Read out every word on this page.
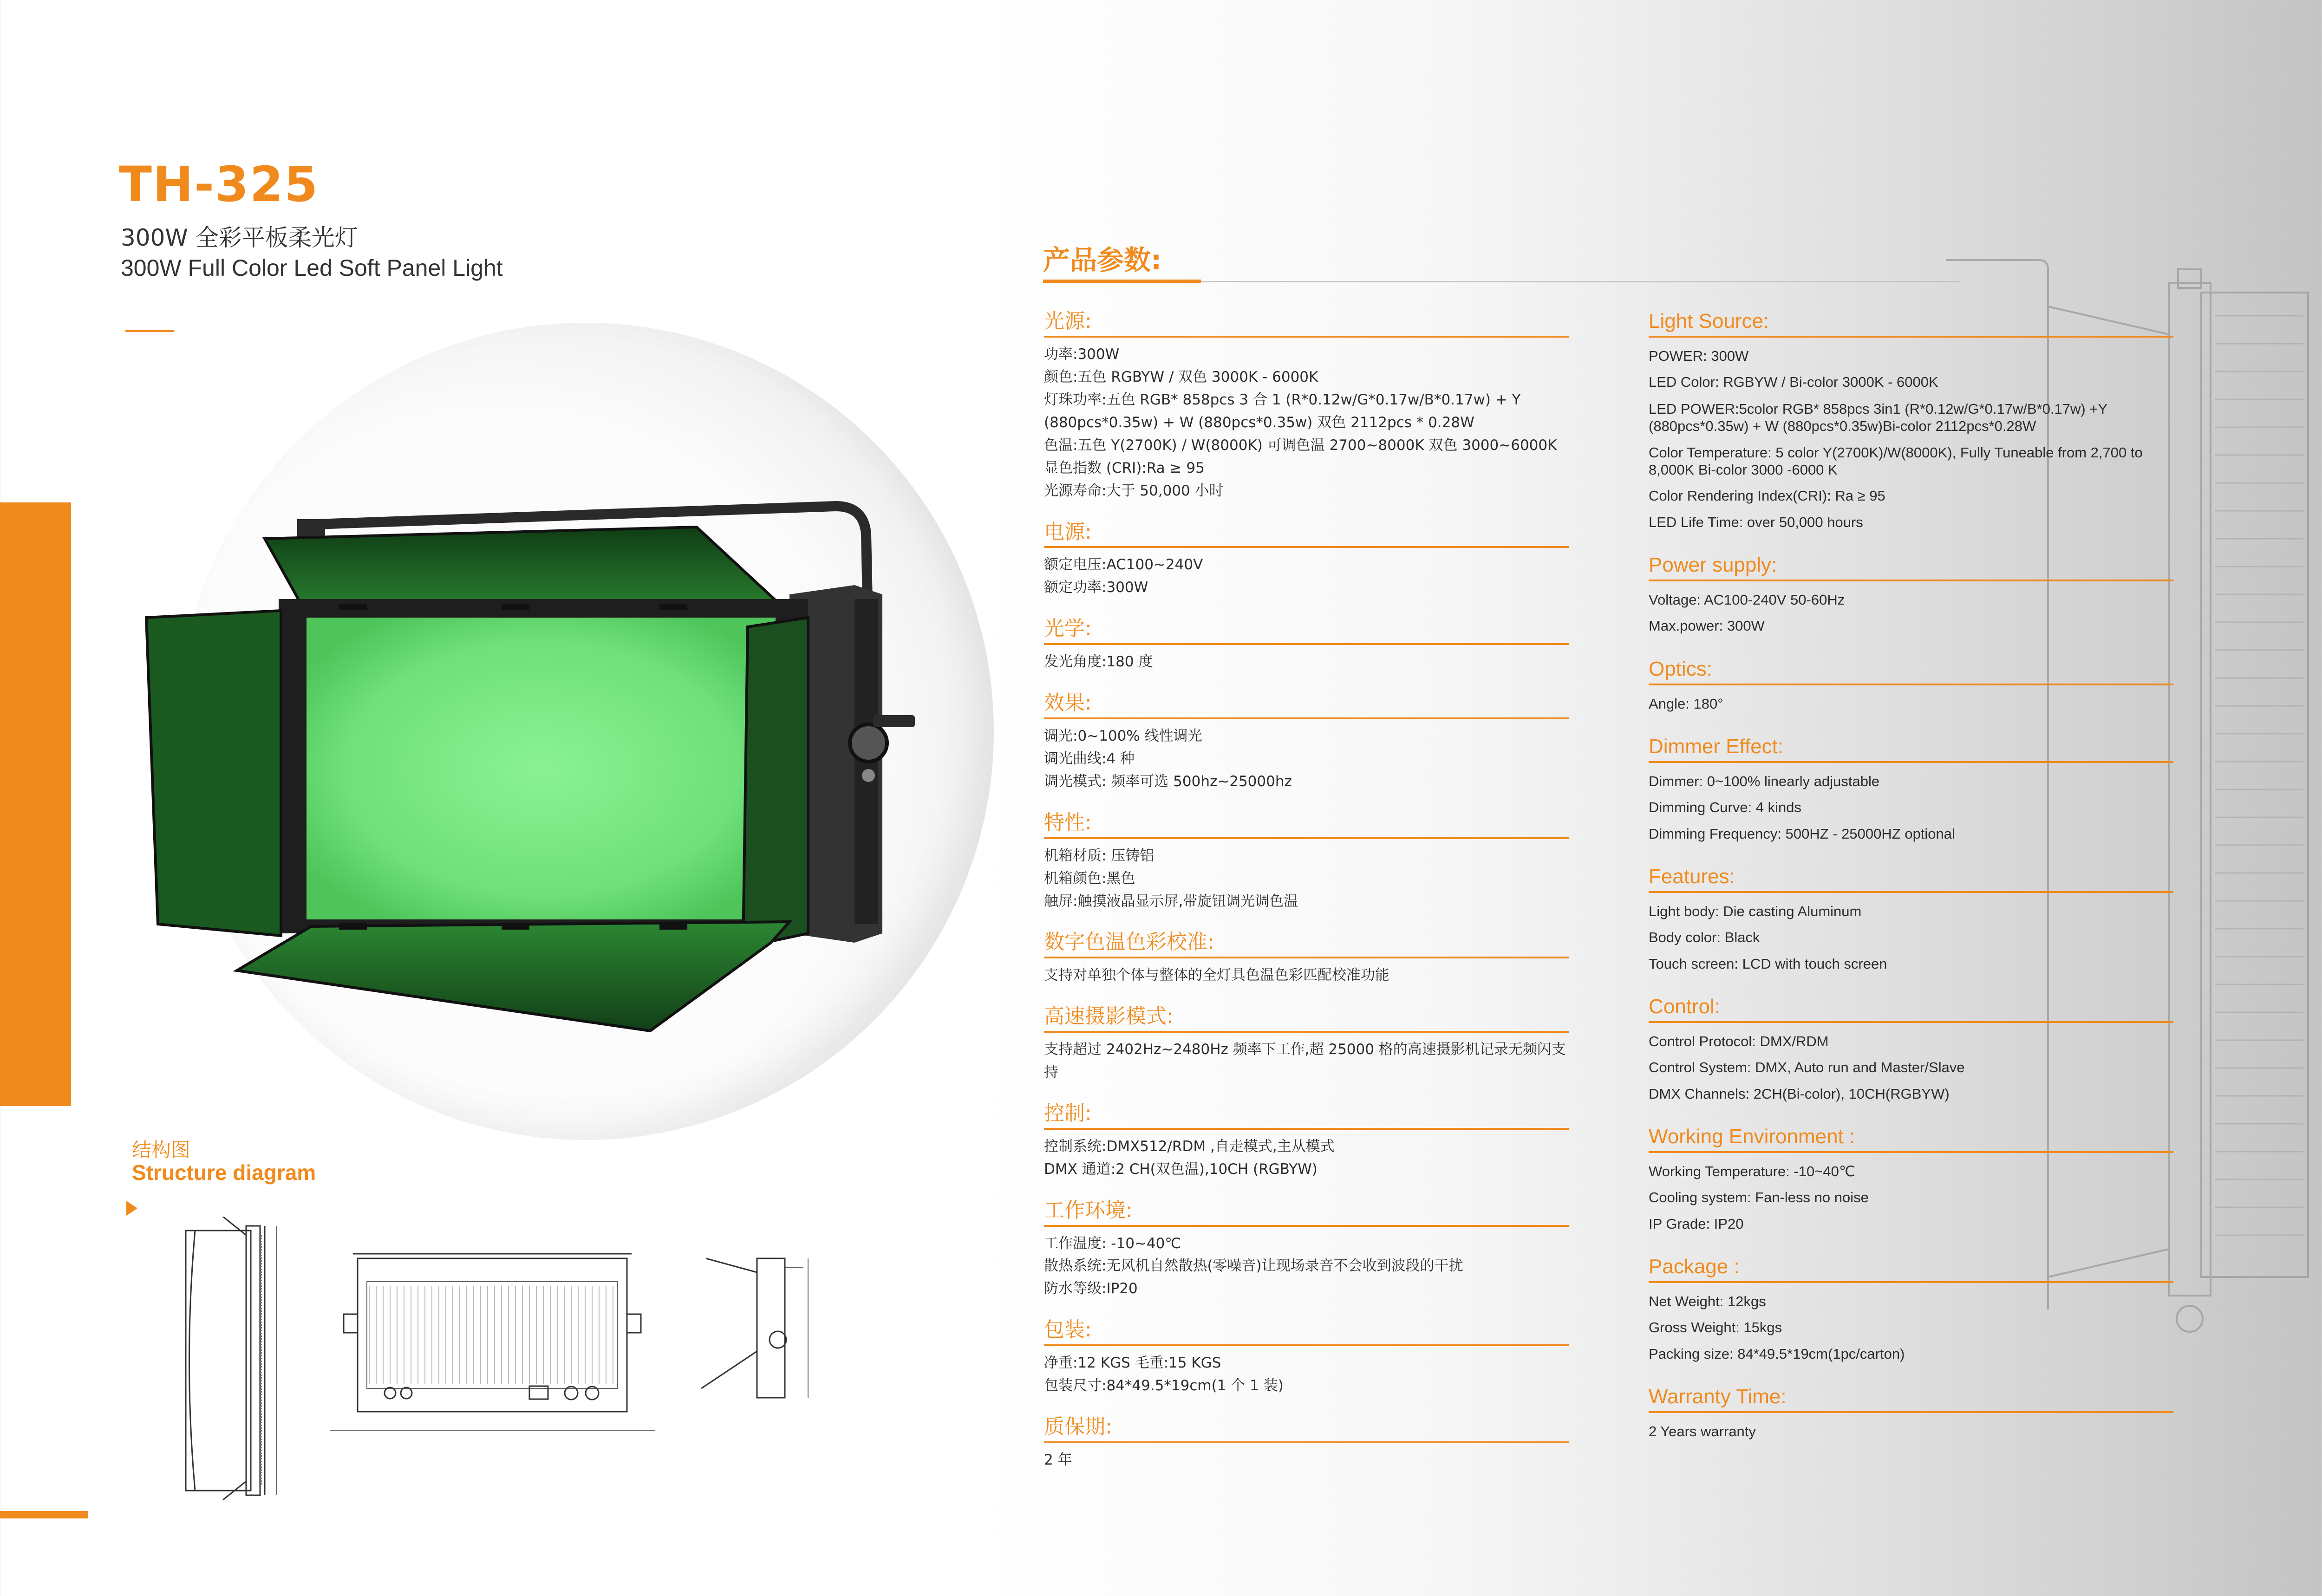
TH-325
300W 全彩平板柔光灯
300W Full Color Led Soft Panel Light
结构图
Structure diagram
产品参数:
光源:
功率:300W
颜色:五色 RGBYW / 双色 3000K - 6000K
灯珠功率:五色 RGB* 858pcs 3 合 1 (R*0.12w/G*0.17w/B*0.17w) + Y (880pcs*0.35w) + W (880pcs*0.35w) 双色 2112pcs * 0.28W
色温:五色 Y(2700K) / W(8000K) 可调色温 2700~8000K 双色 3000~6000K
显色指数 (CRI):Ra ≥ 95
光源寿命:大于 50,000 小时
电源:
额定电压:AC100~240V
额定功率:300W
光学:
发光角度:180 度
效果:
调光:0~100% 线性调光
调光曲线:4 种
调光模式: 频率可选 500hz~25000hz
特性:
机箱材质: 压铸铝
机箱颜色:黑色
触屏:触摸液晶显示屏,带旋钮调光调色温
数字色温色彩校准:
支持对单独个体与整体的全灯具色温色彩匹配校准功能
高速摄影模式:
支持超过 2402Hz~2480Hz 频率下工作,超 25000 格的高速摄影机记录无频闪支持
控制:
控制系统:DMX512/RDM ,自走模式,主从模式
DMX 通道:2 CH(双色温),10CH (RGBYW)
工作环境:
工作温度: -10~40℃
散热系统:无风机自然散热(零噪音)让现场录音不会收到波段的干扰
防水等级:IP20
包装:
净重:12 KGS 毛重:15 KGS
包装尺寸:84*49.5*19cm(1 个 1 装)
质保期:
2 年
Light Source:
POWER: 300W
LED Color: RGBYW / Bi-color 3000K - 6000K
LED POWER:5color RGB* 858pcs 3in1 (R*0.12w/G*0.17w/B*0.17w) +Y (880pcs*0.35w) + W (880pcs*0.35w)Bi-color 2112pcs*0.28W
Color Temperature: 5 color Y(2700K)/W(8000K), Fully Tuneable from 2,700 to 8,000K Bi-color 3000 -6000 K
Color Rendering Index(CRI): Ra ≥ 95
LED Life Time: over 50,000 hours
Power supply:
Voltage: AC100-240V 50-60Hz
Max.power: 300W
Optics:
Angle: 180°
Dimmer Effect:
Dimmer: 0~100% linearly adjustable
Dimming Curve: 4 kinds
Dimming Frequency: 500HZ - 25000HZ optional
Features:
Light body: Die casting Aluminum
Body color: Black
Touch screen: LCD with touch screen
Control:
Control Protocol: DMX/RDM
Control System: DMX, Auto run and Master/Slave
DMX Channels: 2CH(Bi-color), 10CH(RGBYW)
Working Environment :
Working Temperature: -10~40℃
Cooling system: Fan-less no noise
IP Grade: IP20
Package :
Net Weight: 12kgs
Gross Weight: 15kgs
Packing size: 84*49.5*19cm(1pc/carton)
Warranty Time:
2 Years warranty
